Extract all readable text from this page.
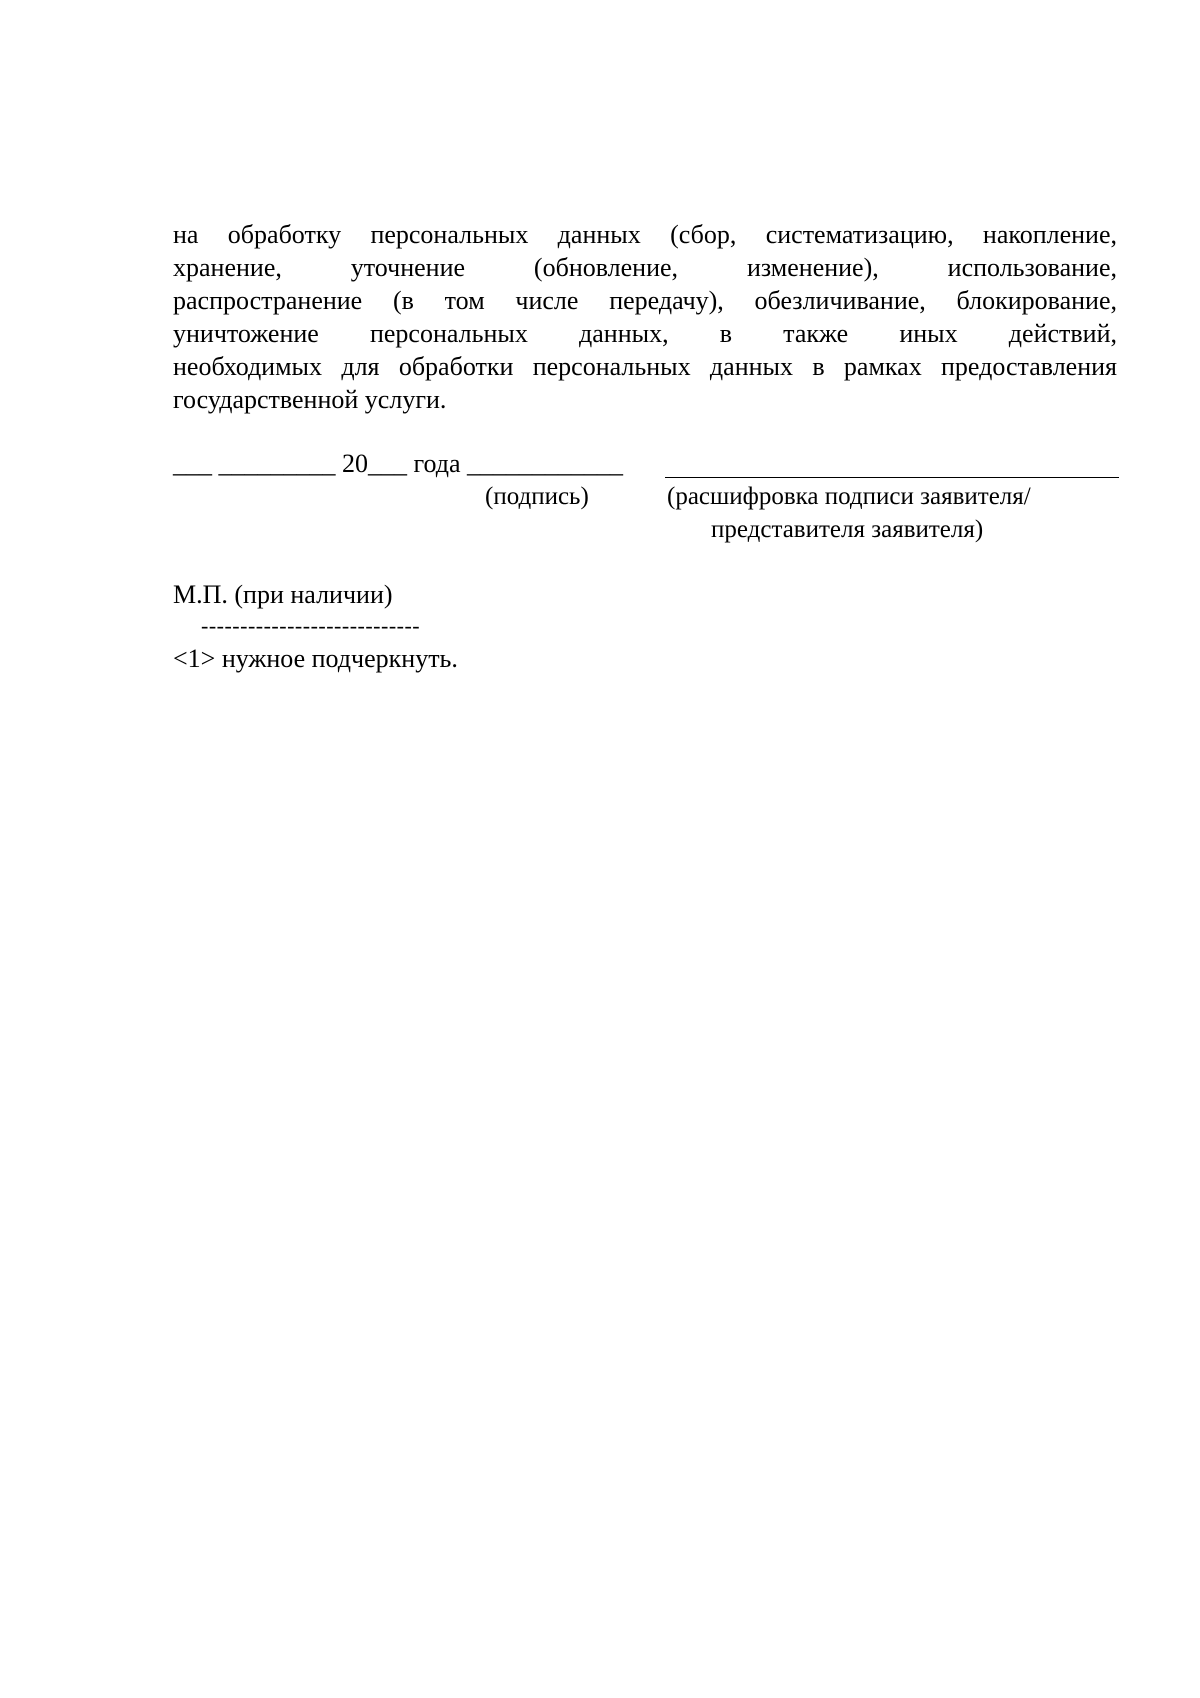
на обработку персональных данных (сбор, систематизацию, накопление,
хранение, уточнение (обновление, изменение), использование,
распространение (в том числе передачу), обезличивание, блокирование,
уничтожение персональных данных, в также иных действий,
необходимых для обработки персональных данных в рамках предоставления
государственной услуги.
___ _________ 20___ года ____________
(подпись)	(расшифровка подписи заявителя/
представителя заявителя)
М.П. (при наличии)
----------------------------
<1> нужное подчеркнуть.
